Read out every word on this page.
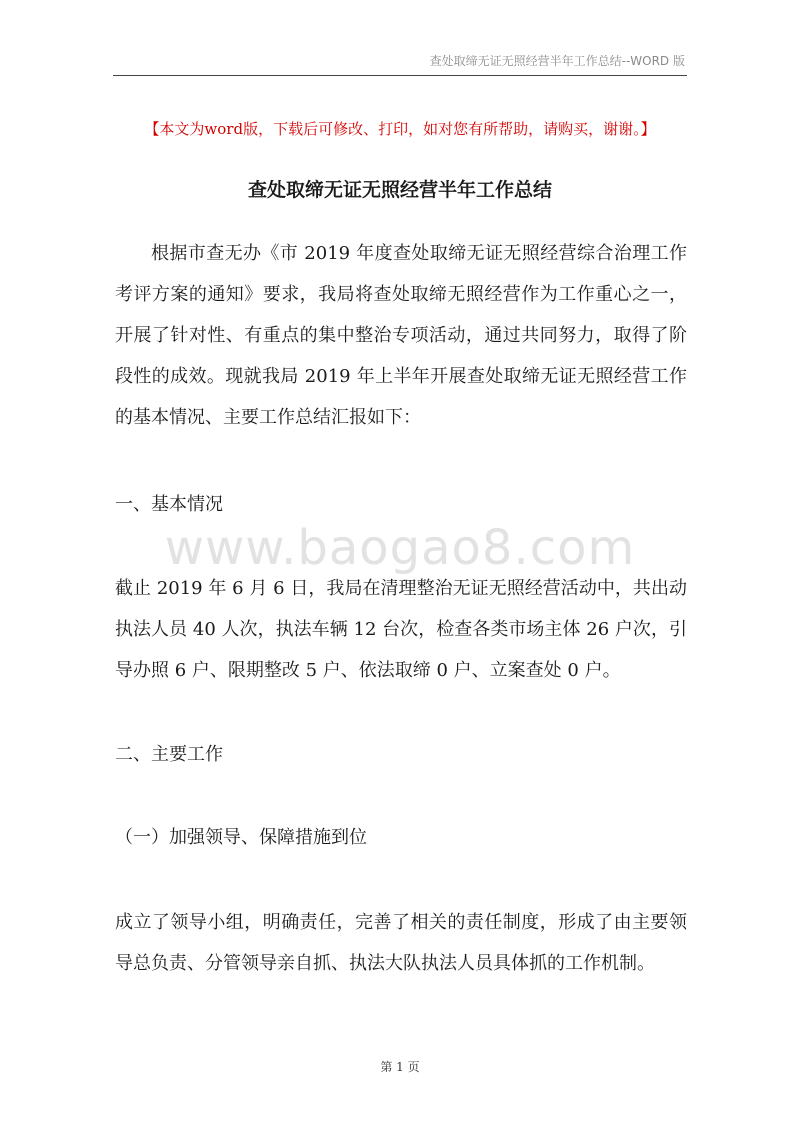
查处取缔无证无照经营半年工作总结--WORD 版
【本文为word版，下载后可修改、打印，如对您有所帮助，请购买，谢谢。】
查处取缔无证无照经营半年工作总结
根据市查无办《市 2019 年度查处取缔无证无照经营综合治理工作考评方案的通知》要求，我局将查处取缔无照经营作为工作重心之一，开展了针对性、有重点的集中整治专项活动，通过共同努力，取得了阶段性的成效。现就我局 2019 年上半年开展查处取缔无证无照经营工作的基本情况、主要工作总结汇报如下：
一、基本情况
www.baogao8.com
截止 2019 年 6 月 6 日，我局在清理整治无证无照经营活动中，共出动执法人员 40 人次，执法车辆 12 台次，检查各类市场主体 26 户次，引导办照 6 户、限期整改 5 户、依法取缔 0 户、立案查处 0 户。
二、主要工作
（一）加强领导、保障措施到位
成立了领导小组，明确责任，完善了相关的责任制度，形成了由主要领导总负责、分管领导亲自抓、执法大队执法人员具体抓的工作机制。
第 1 页
